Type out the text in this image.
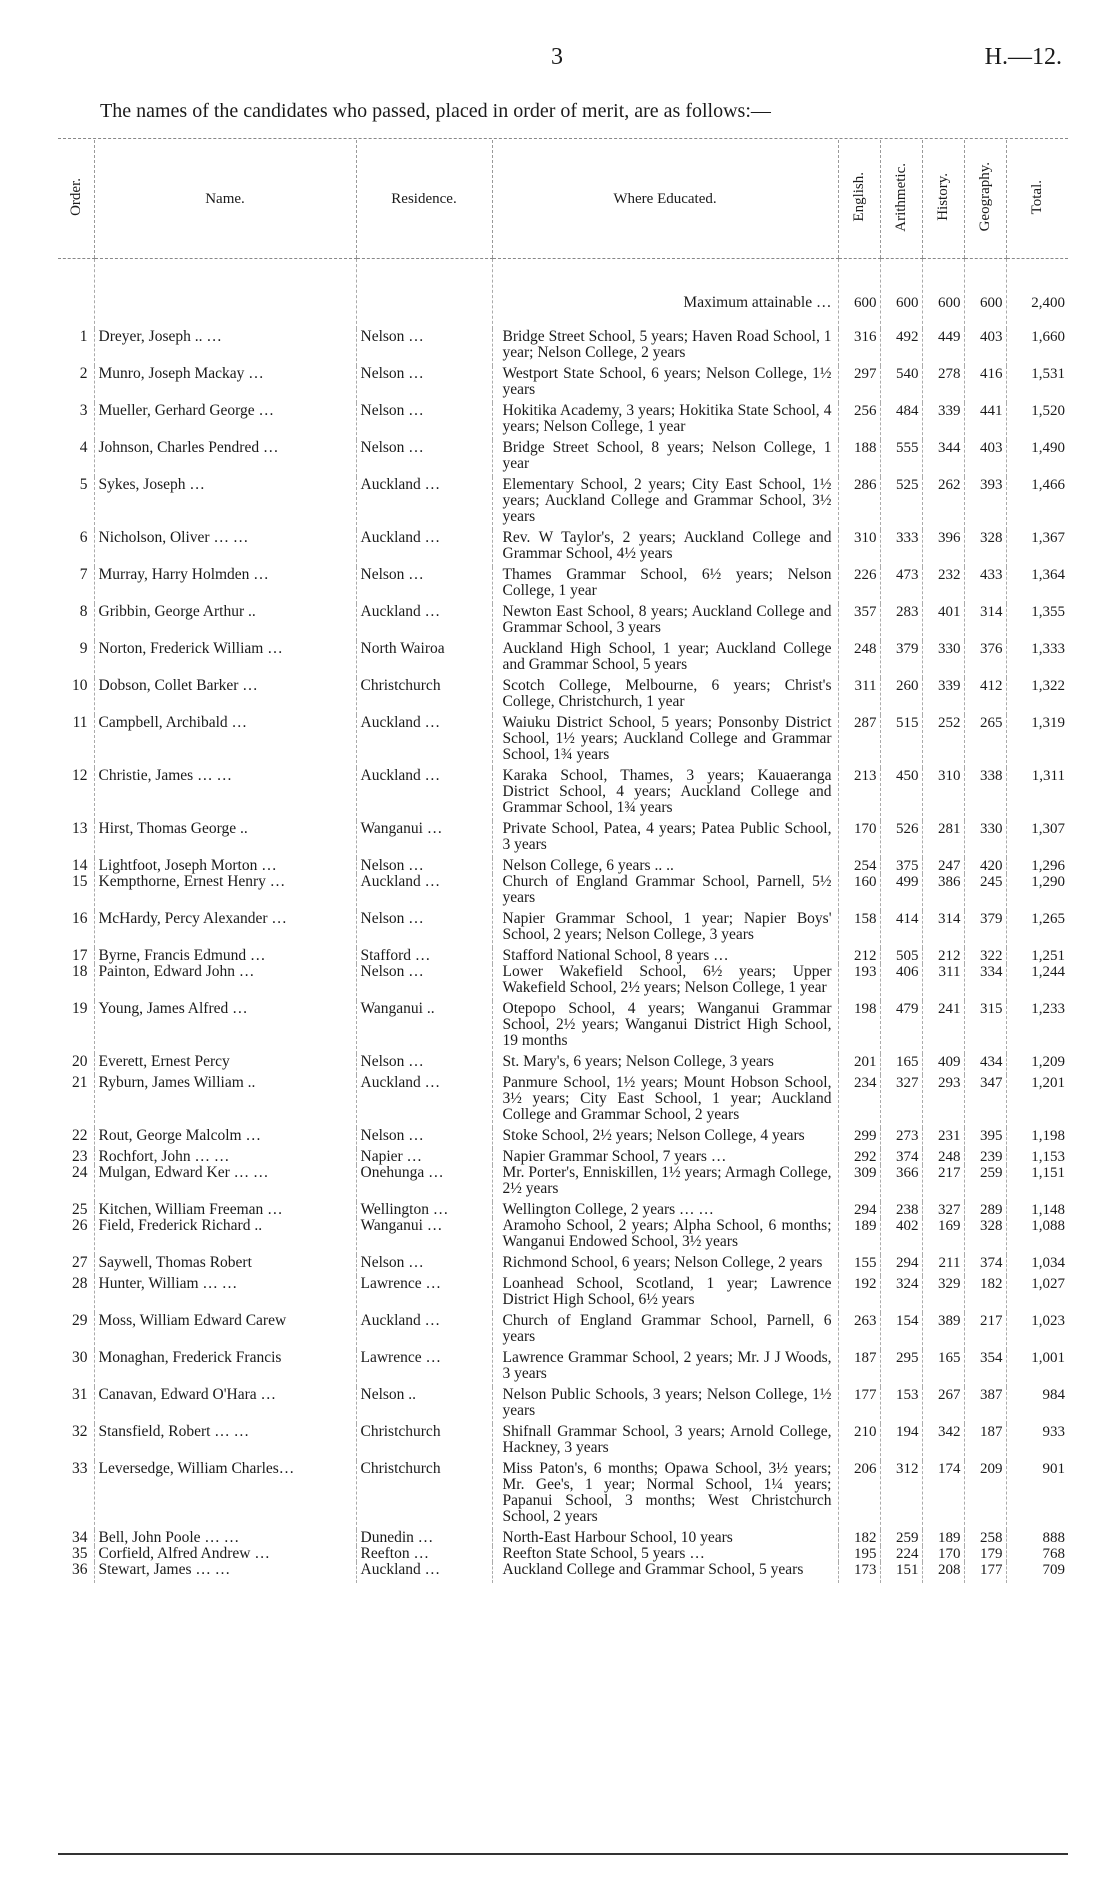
3	H.—12.
The names of the candidates who passed, placed in order of merit, are as follows:—
Order.	Name.	Residence.	Where Educated.	English.	Arithmetic.	History.	Geography.	Total.
			Maximum attainable …	600	600	600	600	2,400
1	Dreyer, Joseph .. …	Nelson …	Bridge Street School, 5 years; Haven Road School, 1 year; Nelson College, 2 years	316	492	449	403	1,660
2	Munro, Joseph Mackay …	Nelson …	Westport State School, 6 years; Nelson College, 1½ years	297	540	278	416	1,531
3	Mueller, Gerhard George …	Nelson …	Hokitika Academy, 3 years; Hokitika State School, 4 years; Nelson College, 1 year	256	484	339	441	1,520
4	Johnson, Charles Pendred …	Nelson …	Bridge Street School, 8 years; Nelson College, 1 year	188	555	344	403	1,490
5	Sykes, Joseph …	Auckland …	Elementary School, 2 years; City East School, 1½ years; Auckland College and Grammar School, 3½ years	286	525	262	393	1,466
6	Nicholson, Oliver … …	Auckland …	Rev. W Taylor's, 2 years; Auckland College and Grammar School, 4½ years	310	333	396	328	1,367
7	Murray, Harry Holmden …	Nelson …	Thames Grammar School, 6½ years; Nelson College, 1 year	226	473	232	433	1,364
8	Gribbin, George Arthur ..	Auckland …	Newton East School, 8 years; Auckland College and Grammar School, 3 years	357	283	401	314	1,355
9	Norton, Frederick William …	North Wairoa	Auckland High School, 1 year; Auckland College and Grammar School, 5 years	248	379	330	376	1,333
10	Dobson, Collet Barker …	Christchurch	Scotch College, Melbourne, 6 years; Christ's College, Christchurch, 1 year	311	260	339	412	1,322
11	Campbell, Archibald …	Auckland …	Waiuku District School, 5 years; Ponsonby District School, 1½ years; Auckland College and Grammar School, 1¾ years	287	515	252	265	1,319
12	Christie, James … …	Auckland …	Karaka School, Thames, 3 years; Kauaeranga District School, 4 years; Auckland College and Grammar School, 1¾ years	213	450	310	338	1,311
13	Hirst, Thomas George ..	Wanganui …	Private School, Patea, 4 years; Patea Public School, 3 years	170	526	281	330	1,307
14	Lightfoot, Joseph Morton …	Nelson …	Nelson College, 6 years .. ..	254	375	247	420	1,296
15	Kempthorne, Ernest Henry …	Auckland …	Church of England Grammar School, Parnell, 5½ years	160	499	386	245	1,290
16	McHardy, Percy Alexander …	Nelson …	Napier Grammar School, 1 year; Napier Boys' School, 2 years; Nelson College, 3 years	158	414	314	379	1,265
17	Byrne, Francis Edmund …	Stafford …	Stafford National School, 8 years …	212	505	212	322	1,251
18	Painton, Edward John …	Nelson …	Lower Wakefield School, 6½ years; Upper Wakefield School, 2½ years; Nelson College, 1 year	193	406	311	334	1,244
19	Young, James Alfred …	Wanganui ..	Otepopo School, 4 years; Wanganui Grammar School, 2½ years; Wanganui District High School, 19 months	198	479	241	315	1,233
20	Everett, Ernest Percy	Nelson …	St. Mary's, 6 years; Nelson College, 3 years	201	165	409	434	1,209
21	Ryburn, James William ..	Auckland …	Panmure School, 1½ years; Mount Hobson School, 3½ years; City East School, 1 year; Auckland College and Grammar School, 2 years	234	327	293	347	1,201
22	Rout, George Malcolm …	Nelson …	Stoke School, 2½ years; Nelson College, 4 years	299	273	231	395	1,198
23	Rochfort, John … …	Napier …	Napier Grammar School, 7 years …	292	374	248	239	1,153
24	Mulgan, Edward Ker … …	Onehunga …	Mr. Porter's, Enniskillen, 1½ years; Armagh College, 2½ years	309	366	217	259	1,151
25	Kitchen, William Freeman …	Wellington …	Wellington College, 2 years … …	294	238	327	289	1,148
26	Field, Frederick Richard ..	Wanganui …	Aramoho School, 2 years; Alpha School, 6 months; Wanganui Endowed School, 3½ years	189	402	169	328	1,088
27	Saywell, Thomas Robert	Nelson …	Richmond School, 6 years; Nelson College, 2 years	155	294	211	374	1,034
28	Hunter, William … …	Lawrence …	Loanhead School, Scotland, 1 year; Lawrence District High School, 6½ years	192	324	329	182	1,027
29	Moss, William Edward Carew	Auckland …	Church of England Grammar School, Parnell, 6 years	263	154	389	217	1,023
30	Monaghan, Frederick Francis	Lawrence …	Lawrence Grammar School, 2 years; Mr. J J Woods, 3 years	187	295	165	354	1,001
31	Canavan, Edward O'Hara …	Nelson ..	Nelson Public Schools, 3 years; Nelson College, 1½ years	177	153	267	387	984
32	Stansfield, Robert … …	Christchurch	Shifnall Grammar School, 3 years; Arnold College, Hackney, 3 years	210	194	342	187	933
33	Leversedge, William Charles…	Christchurch	Miss Paton's, 6 months; Opawa School, 3½ years; Mr. Gee's, 1 year; Normal School, 1¼ years; Papanui School, 3 months; West Christchurch School, 2 years	206	312	174	209	901
34	Bell, John Poole … …	Dunedin …	North-East Harbour School, 10 years	182	259	189	258	888
35	Corfield, Alfred Andrew …	Reefton …	Reefton State School, 5 years …	195	224	170	179	768
36	Stewart, James … …	Auckland …	Auckland College and Grammar School, 5 years	173	151	208	177	709
